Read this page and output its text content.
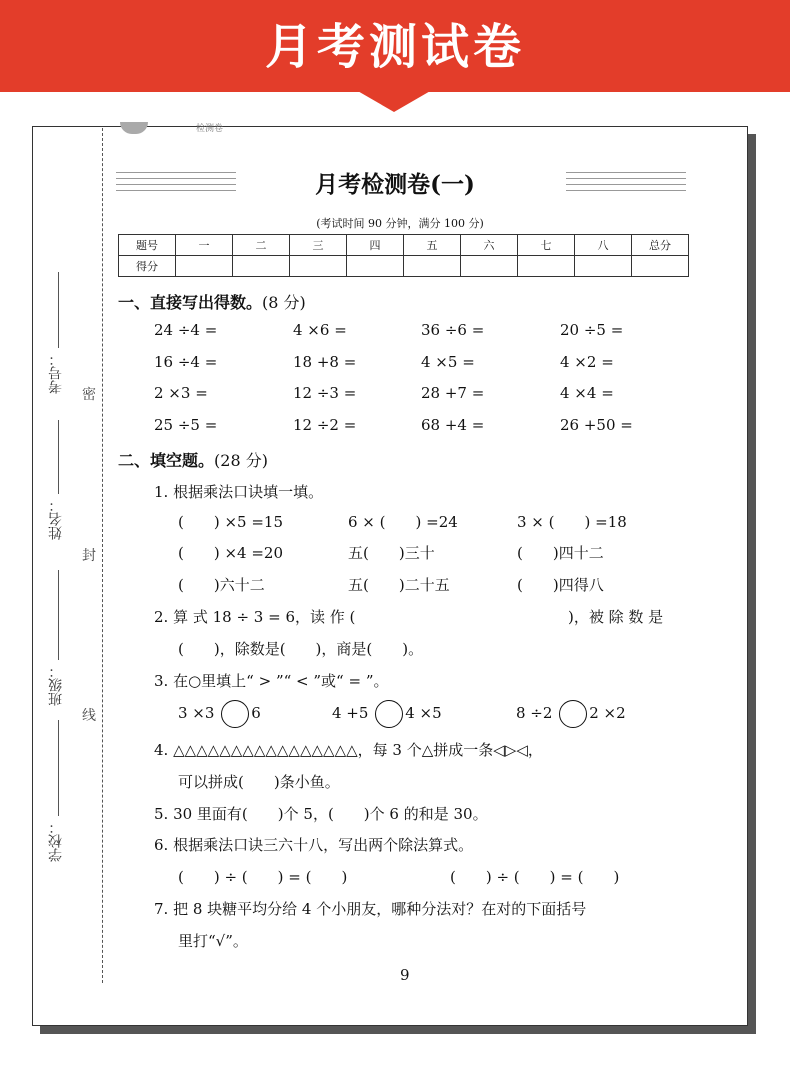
月考测试卷
检测卷
考号：
姓名：
班级：
学校：
密
封
线
月考检测卷(一)
(考试时间 90 分钟，满分 100 分)
题号	一	二	三	四	五	六	七	八	总分
得分									
一、直接写出得数。(8 分)
24 ÷4 =	4 ×6 =	36 ÷6 =	20 ÷5 =
16 ÷4 =	18 +8 =	4 ×5 =	4 ×2 =
2 ×3 =	12 ÷3 =	28 +7 =	4 ×4 =
25 ÷5 =	12 ÷2 =	68 +4 =	26 +50 =
二、填空题。(28 分)
1. 根据乘法口诀填一填。
(　　) ×5 =15	6 × (　　) =24	3 × (　　) =18
(　　) ×4 =20	五(　　)三十	(　　)四十二
(　　)六十二	五(　　)二十五	(　　)四得八
2. 算 式 18 ÷ 3 = 6，读 作 (	)，被 除 数 是
(　　)，除数是(　　)，商是(　　)。
3. 在○里填上“ > ”“ < ”或“ = ”。
3 ×3 6	4 +5 4 ×5	8 ÷2 2 ×2
4. △△△△△△△△△△△△△△△△，每 3 个△拼成一条◁▷◁，
可以拼成(　　)条小鱼。
5. 30 里面有(　　)个 5，(　　)个 6 的和是 30。
6. 根据乘法口诀三六十八，写出两个除法算式。
(　　) ÷ (　　) = (　　)	(　　) ÷ (　　) = (　　)
7. 把 8 块糖平均分给 4 个小朋友，哪种分法对？在对的下面括号
里打“√”。
9
